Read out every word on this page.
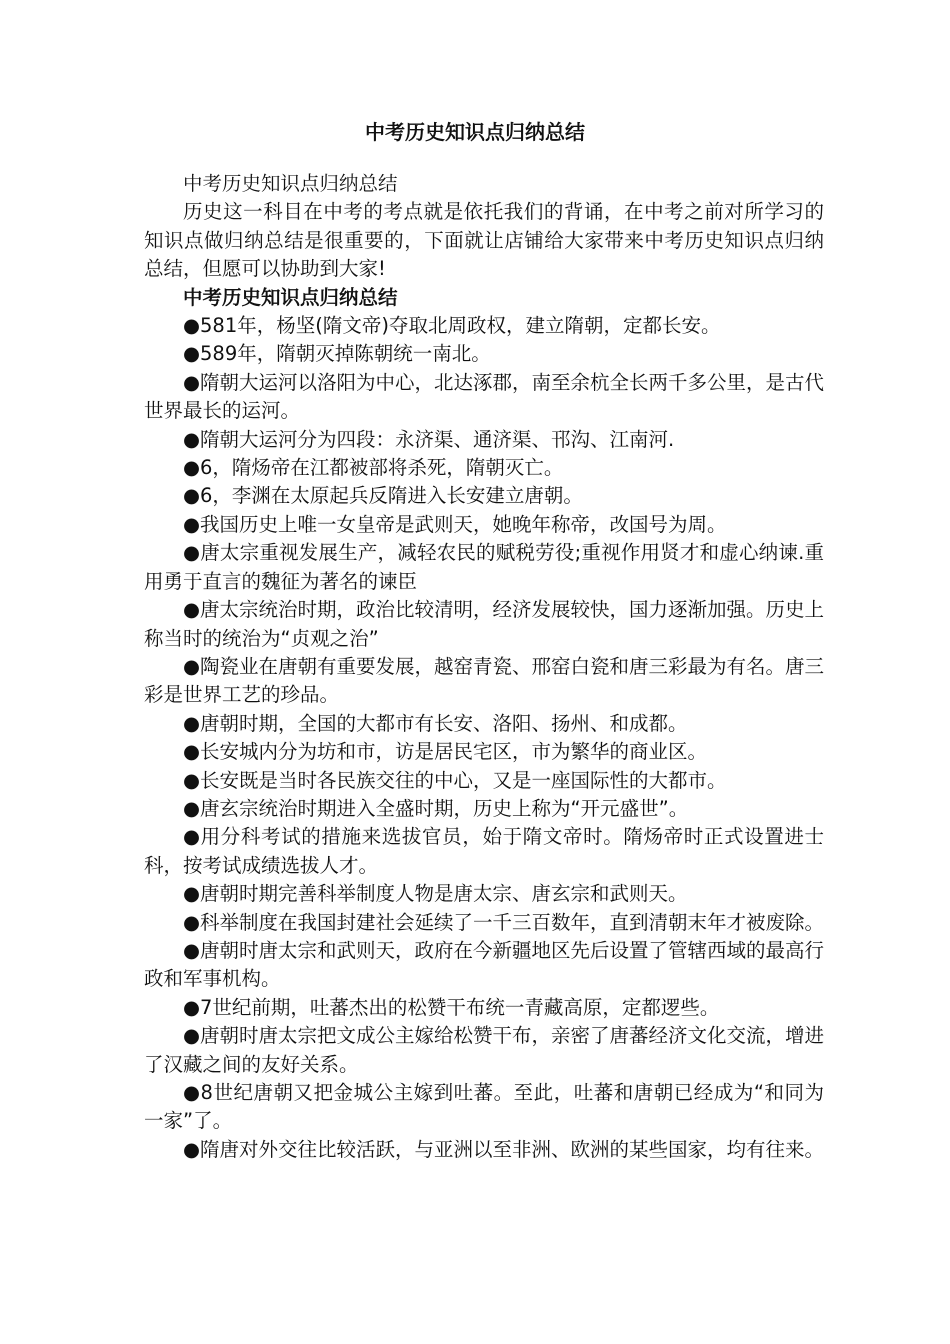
中考历史知识点归纳总结

中考历史知识点归纳总结

历史这一科目在中考的考点就是依托我们的背诵，在中考之前对所学习的知识点做归纳总结是很重要的，下面就让店铺给大家带来中考历史知识点归纳总结，但愿可以协助到大家!

中考历史知识点归纳总结

●581年，杨坚(隋文帝)夺取北周政权，建立隋朝，定都长安。

●589年，隋朝灭掉陈朝统一南北。

●隋朝大运河以洛阳为中心，北达涿郡，南至余杭全长两千多公里，是古代世界最长的运河。

●隋朝大运河分为四段：永济渠、通济渠、邗沟、江南河.

●6，隋炀帝在江都被部将杀死，隋朝灭亡。

●6，李渊在太原起兵反隋进入长安建立唐朝。

●我国历史上唯一女皇帝是武则天，她晚年称帝，改国号为周。

●唐太宗重视发展生产，减轻农民的赋税劳役;重视作用贤才和虚心纳谏.重用勇于直言的魏征为著名的谏臣

●唐太宗统治时期，政治比较清明，经济发展较快，国力逐渐加强。历史上称当时的统治为“贞观之治”

●陶瓷业在唐朝有重要发展，越窑青瓷、邢窑白瓷和唐三彩最为有名。唐三彩是世界工艺的珍品。

●唐朝时期，全国的大都市有长安、洛阳、扬州、和成都。

●长安城内分为坊和市，访是居民宅区，市为繁华的商业区。

●长安既是当时各民族交往的中心，又是一座国际性的大都市。

●唐玄宗统治时期进入全盛时期，历史上称为“开元盛世”。

●用分科考试的措施来选拔官员，始于隋文帝时。隋炀帝时正式设置进士科，按考试成绩选拔人才。

●唐朝时期完善科举制度人物是唐太宗、唐玄宗和武则天。

●科举制度在我国封建社会延续了一千三百数年，直到清朝末年才被废除。

●唐朝时唐太宗和武则天，政府在今新疆地区先后设置了管辖西域的最高行政和军事机构。

●7世纪前期，吐蕃杰出的松赞干布统一青藏高原，定都逻些。

●唐朝时唐太宗把文成公主嫁给松赞干布，亲密了唐蕃经济文化交流，增进了汉藏之间的友好关系。

●8世纪唐朝又把金城公主嫁到吐蕃。至此，吐蕃和唐朝已经成为“和同为一家”了。

●隋唐对外交往比较活跃，与亚洲以至非洲、欧洲的某些国家，均有往来。
